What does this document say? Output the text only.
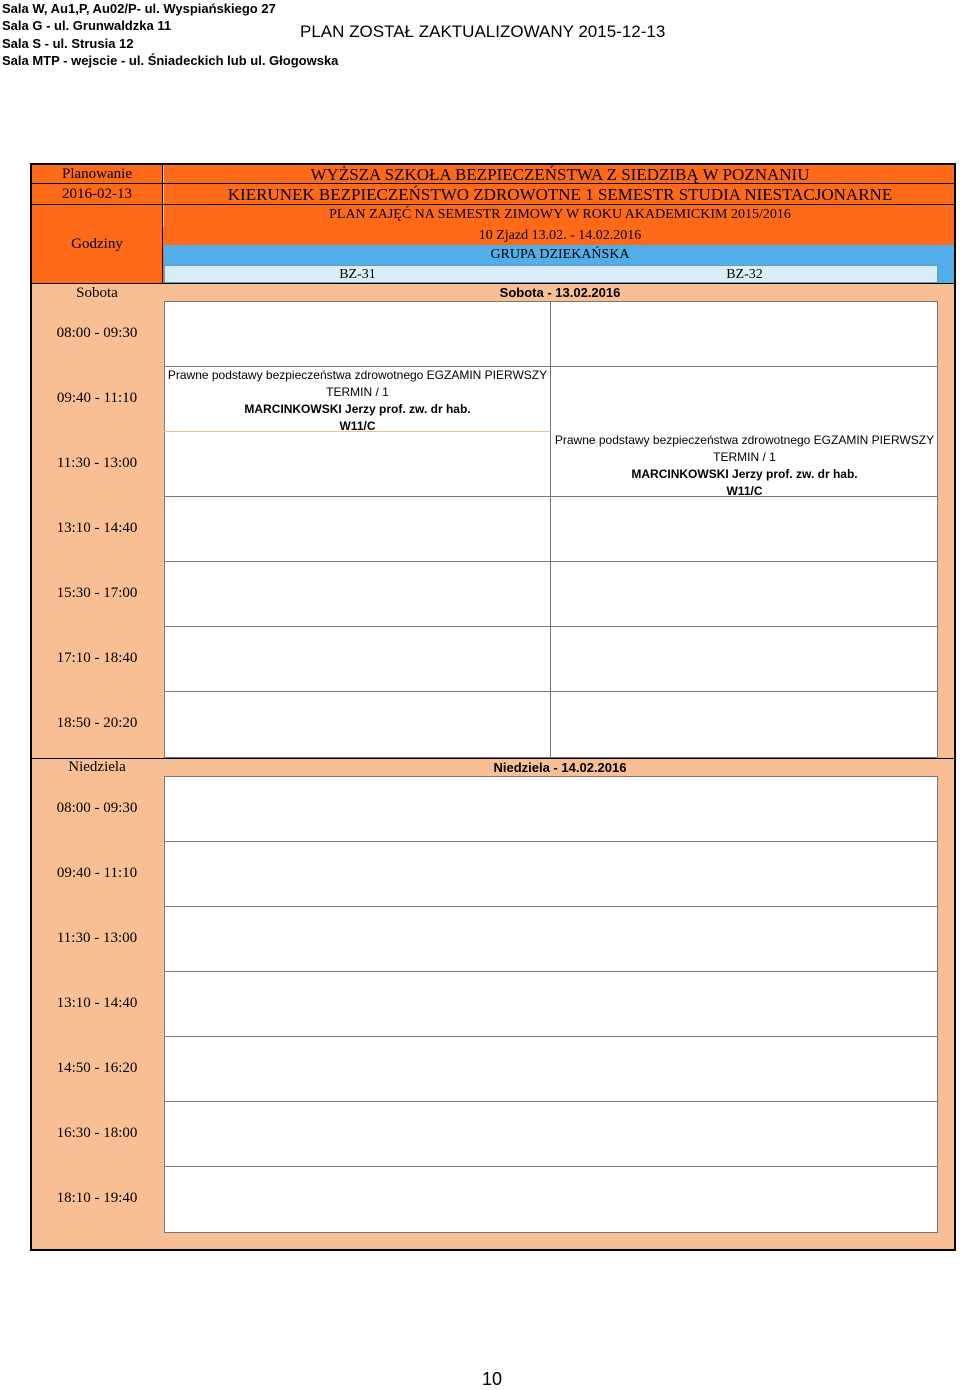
Sala W, Au1,P, Au02/P- ul. Wyspiańskiego 27
Sala G - ul. Grunwaldzka 11
Sala S - ul. Strusia 12
Sala MTP - wejscie - ul. Śniadeckich lub ul. Głogowska
PLAN ZOSTAŁ ZAKTUALIZOWANY 2015-12-13
Planowanie
2016-02-13
Godziny
Sobota
WYŻSZA SZKOŁA BEZPIECZEŃSTWA Z SIEDZIBĄ W POZNANIU
KIERUNEK BEZPIECZEŃSTWO ZDROWOTNE 1 SEMESTR STUDIA NIESTACJONARNE
PLAN ZAJĘĆ NA SEMESTR ZIMOWY W ROKU AKADEMICKIM 2015/2016
10 Zjazd 13.02. - 14.02.2016
GRUPA DZIEKAŃSKA
BZ-31	BZ-32
Sobota - 13.02.2016
08:00 - 09:30
09:40 - 11:10
11:30 - 13:00
13:10 - 14:40
15:30 - 17:00
17:10 - 18:40
18:50 - 20:20
Prawne podstawy bezpieczeństwa zdrowotnego EGZAMIN PIERWSZY
TERMIN / 1
MARCINKOWSKI Jerzy prof. zw. dr hab.
W11/C
Prawne podstawy bezpieczeństwa zdrowotnego EGZAMIN PIERWSZY
TERMIN / 1
MARCINKOWSKI Jerzy prof. zw. dr hab.
W11/C
Niedziela	Niedziela - 14.02.2016
08:00 - 09:30
09:40 - 11:10
11:30 - 13:00
13:10 - 14:40
14:50 - 16:20
16:30 - 18:00
18:10 - 19:40
10
